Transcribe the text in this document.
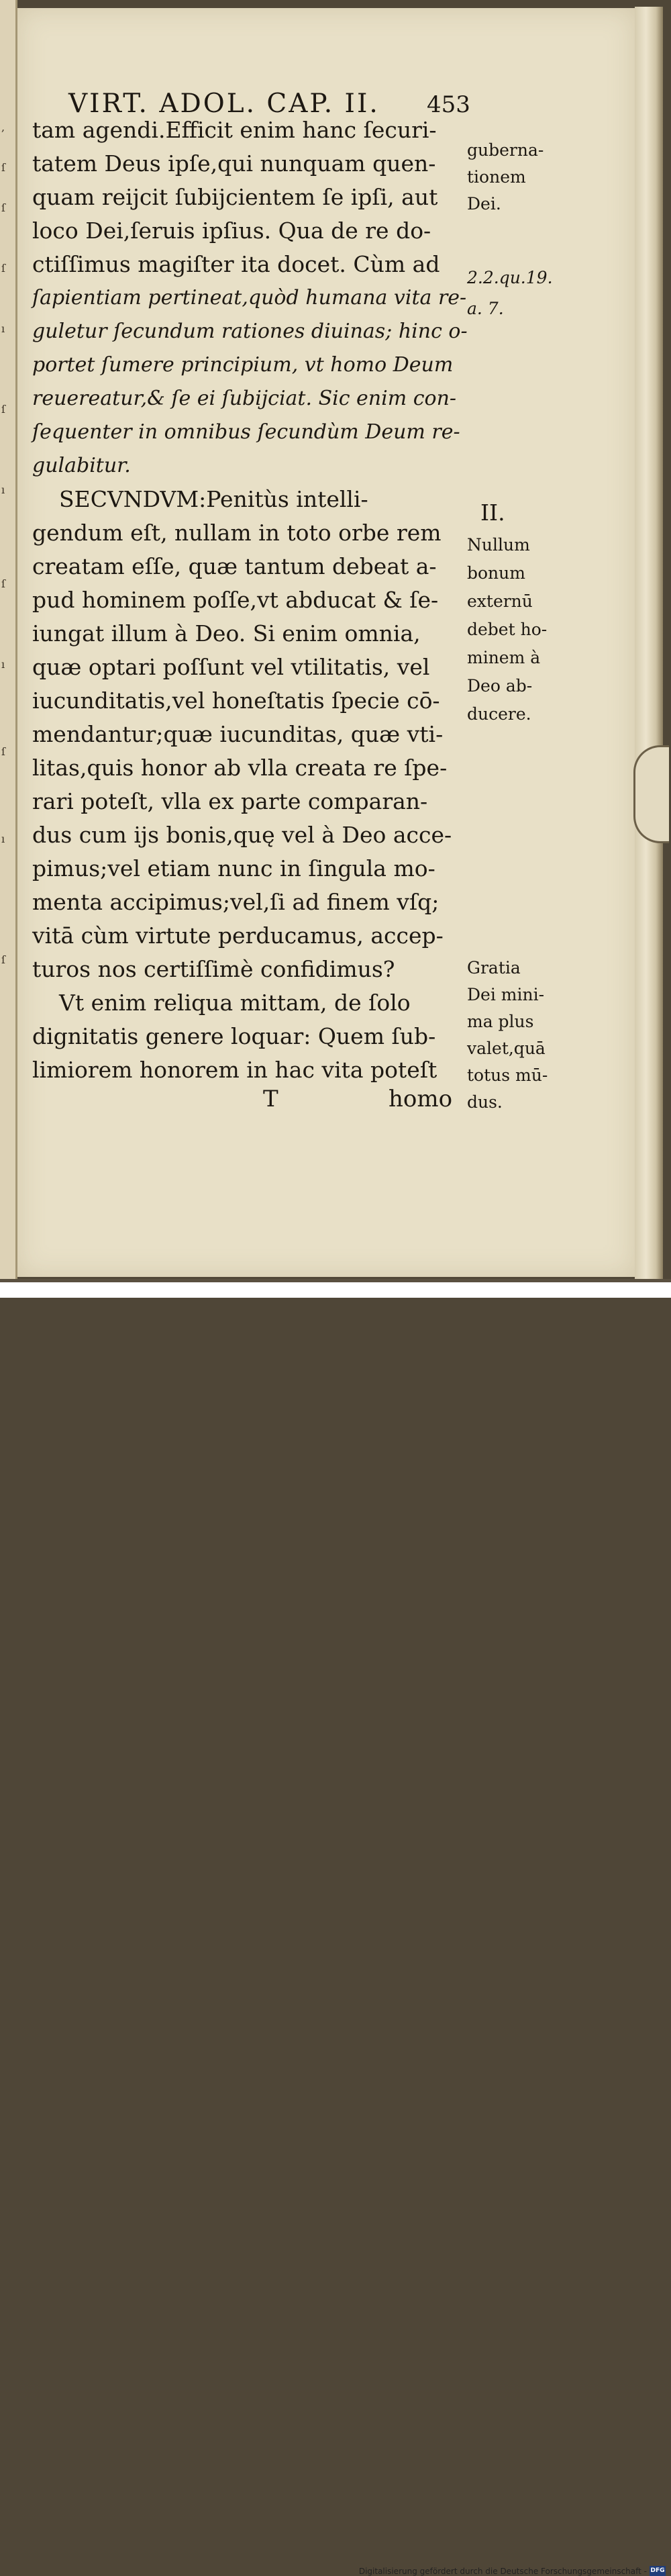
,
ſ
ſ
ſ
ı
ſ
ı
ſ
ı
ſ
ı
ſ
VIRT. ADOL. CAP. II. 453
tam agendi.Efficit enim hanc ſecuri-
tatem Deus ipſe,qui nunquam quen-
quam reijcit ſubijcientem ſe ipſi, aut
loco Dei,ſeruis ipſius. Qua de re do-
ctiſſimus magiſter ita docet. Cùm ad
ſapientiam pertineat,quòd humana vita re-
guletur ſecundum rationes diuinas; hinc o-
portet ſumere principium, vt homo Deum
reuereatur,& ſe ei ſubijciat. Sic enim con-
ſequenter in omnibus ſecundùm Deum re-
gulabitur.
SECVNDVM:Penitùs intelli-
gendum eſt, nullam in toto orbe rem
creatam eſſe, quæ tantum debeat a-
pud hominem poſſe,vt abducat & ſe-
iungat illum à Deo. Si enim omnia,
quæ optari poſſunt vel vtilitatis, vel
iucunditatis,vel honeſtatis ſpecie cō-
mendantur;quæ iucunditas, quæ vti-
litas,quis honor ab vlla creata re ſpe-
rari poteſt, vlla ex parte comparan-
dus cum ijs bonis,quę vel à Deo acce-
pimus;vel etiam nunc in ſingula mo-
menta accipimus;vel,ſi ad finem vſq;
vitā cùm virtute perducamus, accep-
turos nos certiſſimè confidimus?
Vt enim reliqua mittam, de ſolo
dignitatis genere loquar: Quem ſub-
limiorem honorem in hac vita poteſt
guberna-
tionem
Dei.
2.2.qu.19.
a. 7.
II.
Nullum
bonum
externū
debet ho-
minem à
Deo ab-
ducere.
Gratia
Dei mini-
ma plus
valet,quā
totus mū-
dus.
T	homo
Digitalisierung gefördert durch die Deutsche Forschungsgemeinschaft - DFG
